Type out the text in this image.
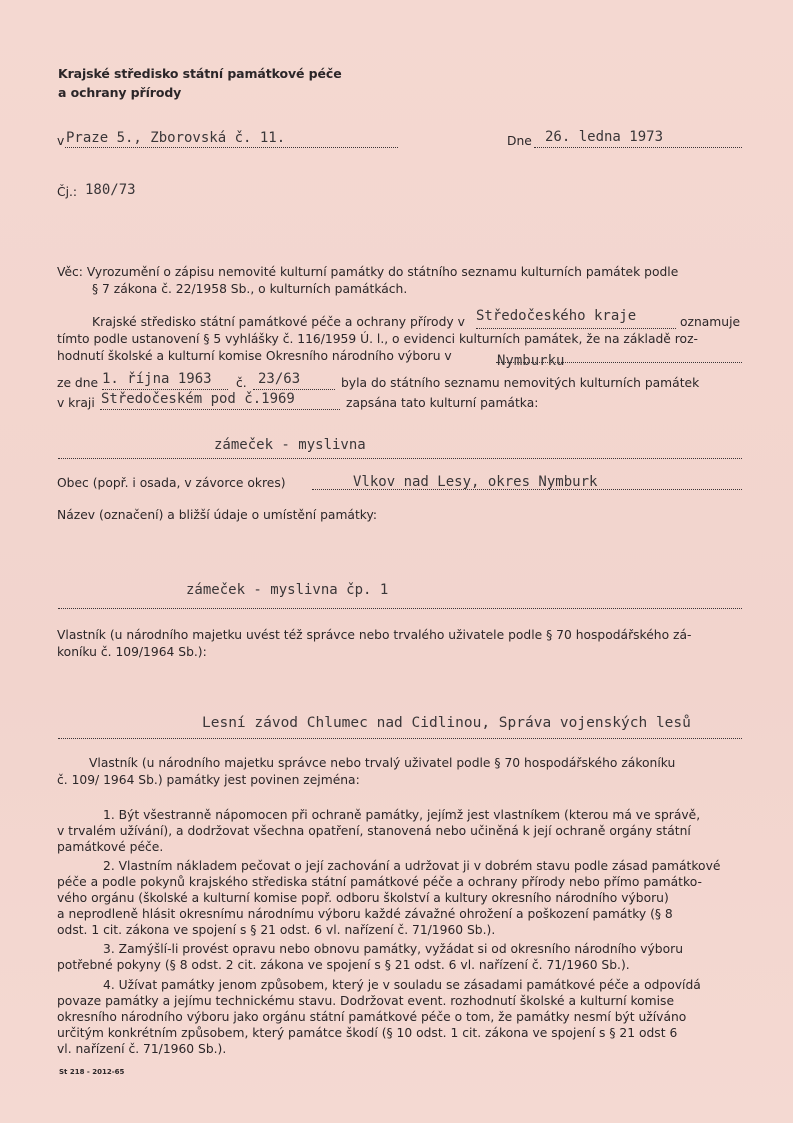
Krajské středisko státní památkové péče
a ochrany přírody
v Praze 5., Zborovská č. 11.	Dne 26. ledna 1973
Čj.: 180/73
Věc: Vyrozumění o zápisu nemovité kulturní památky do státního seznamu kulturních památek podle
§ 7 zákona č. 22/1958 Sb., o kulturních památkách.
Krajské středisko státní památkové péče a ochrany přírody v Středočeského kraje	oznamuje
tímto podle ustanovení § 5 vyhlášky č. 116/1959 Ú. l., o evidenci kulturních památek, že na základě roz-
hodnutí školské a kulturní komise Okresního národního výboru v	Nymburku
ze dne 1. října 1963 č. 23/63	byla do státního seznamu nemovitých kulturních památek
v kraji Středočeském pod č.1969	zapsána tato kulturní památka:
zámeček - myslivna
Obec (popř. i osada, v závorce okres)	Vlkov nad Lesy, okres Nymburk
Název (označení) a bližší údaje o umístění památky:
zámeček - myslivna čp. 1
Vlastník (u národního majetku uvést též správce nebo trvalého uživatele podle § 70 hospodářského zá-
koníku č. 109/1964 Sb.):
Lesní závod Chlumec nad Cidlinou, Správa vojenských lesů
Vlastník (u národního majetku správce nebo trvalý uživatel podle § 70 hospodářského zákoníku
č. 109/ 1964 Sb.) památky jest povinen zejména:
1. Být všestranně nápomocen při ochraně památky, jejímž jest vlastníkem (kterou má ve správě,
v trvalém užívání), a dodržovat všechna opatření, stanovená nebo učiněná k její ochraně orgány státní
památkové péče.
2. Vlastním nákladem pečovat o její zachování a udržovat ji v dobrém stavu podle zásad památkové
péče a podle pokynů krajského střediska státní památkové péče a ochrany přírody nebo přímo památko-
vého orgánu (školské a kulturní komise popř. odboru školství a kultury okresního národního výboru)
a neprodleně hlásit okresnímu národnímu výboru každé závažné ohrožení a poškození památky (§ 8
odst. 1 cit. zákona ve spojení s § 21 odst. 6 vl. nařízení č. 71/1960 Sb.).
3. Zamýšlí-li provést opravu nebo obnovu památky, vyžádat si od okresního národního výboru
potřebné pokyny (§ 8 odst. 2 cit. zákona ve spojení s § 21 odst. 6 vl. nařízení č. 71/1960 Sb.).
4. Užívat památky jenom způsobem, který je v souladu se zásadami památkové péče a odpovídá
povaze památky a jejímu technickému stavu. Dodržovat event. rozhodnutí školské a kulturní komise
okresního národního výboru jako orgánu státní památkové péče o tom, že památky nesmí být užíváno
určitým konkrétním způsobem, který památce škodí (§ 10 odst. 1 cit. zákona ve spojení s § 21 odst 6
vl. nařízení č. 71/1960 Sb.).
St 218 - 2012-65
